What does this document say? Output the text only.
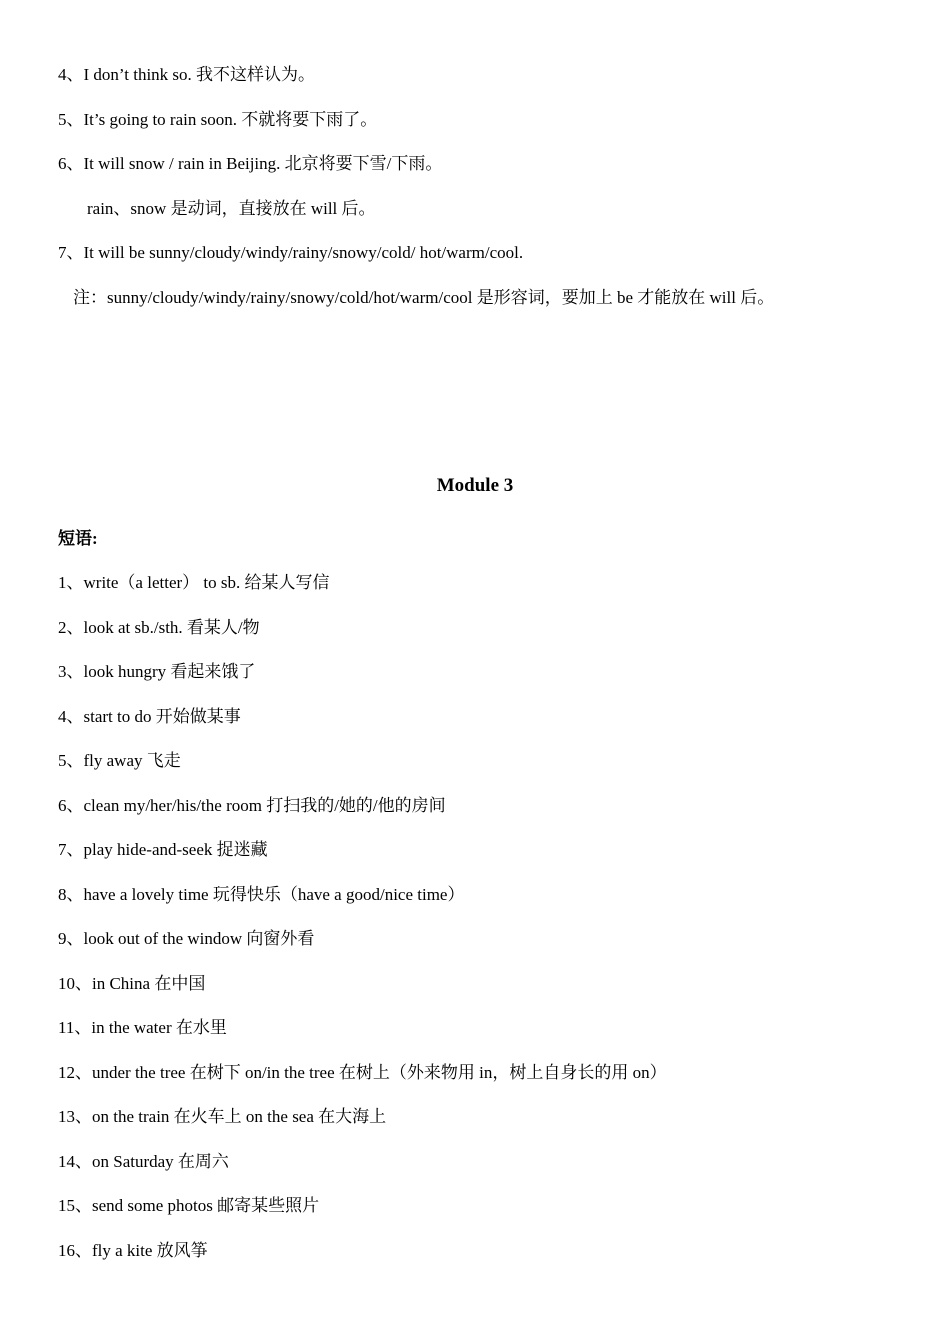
4、I don’t think so. 我不这样认为。
5、It’s going to rain soon. 不就将要下雨了。
6、It will snow / rain in Beijing. 北京将要下雪/下雨。
rain、snow 是动词，直接放在 will 后。
7、It will be sunny/cloudy/windy/rainy/snowy/cold/ hot/warm/cool.
注：sunny/cloudy/windy/rainy/snowy/cold/hot/warm/cool 是形容词，要加上 be 才能放在 will 后。
Module 3
短语:
1、write（a letter） to sb. 给某人写信
2、look at sb./sth. 看某人/物
3、look hungry 看起来饿了
4、start to do 开始做某事
5、fly away 飞走
6、clean my/her/his/the room 打扫我的/她的/他的房间
7、play hide-and-seek 捉迷藏
8、have a lovely time 玩得快乐（have a good/nice time）
9、look out of the window 向窗外看
10、in China 在中国
11、in the water 在水里
12、under the tree 在树下 on/in the tree 在树上（外来物用 in，树上自身长的用 on）
13、on the train 在火车上 on the sea 在大海上
14、on Saturday 在周六
15、send some photos 邮寄某些照片
16、fly a kite 放风筝
